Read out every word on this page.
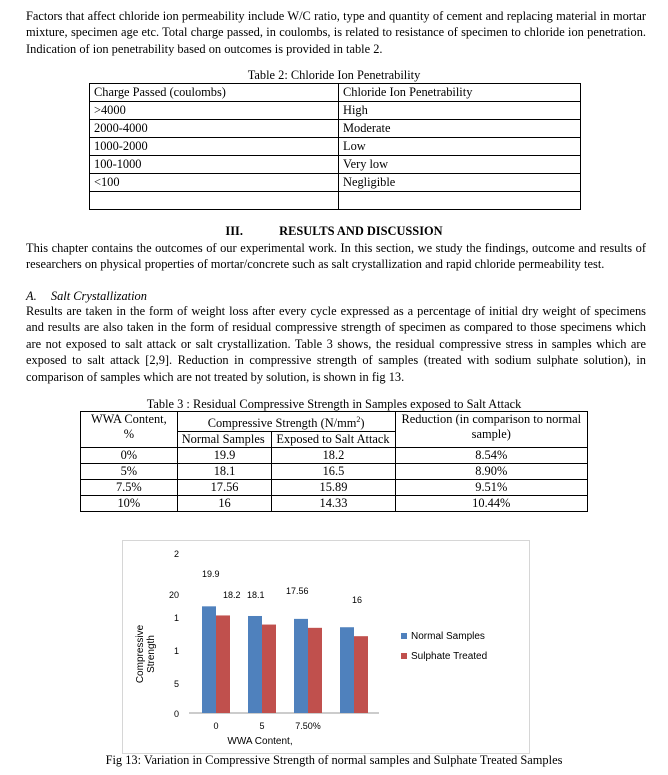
Factors that affect chloride ion permeability include W/C ratio, type and quantity of cement and replacing material in mortar mixture, specimen age etc. Total charge passed, in coulombs, is related to resistance of specimen to chloride ion penetration. Indication of ion penetrability based on outcomes is provided in table 2.

Table 2: Chloride Ion Penetrability
Charge Passed (coulombs)	Chloride Ion Penetrability
>4000	High
2000-4000	Moderate
1000-2000	Low
100-1000	Very low
<100	Negligible

III.	RESULTS AND DISCUSSION

This chapter contains the outcomes of our experimental work. In this section, we study the findings, outcome and results of researchers on physical properties of mortar/concrete such as salt crystallization and rapid chloride permeability test.

A. Salt Crystallization

Results are taken in the form of weight loss after every cycle expressed as a percentage of initial dry weight of specimens and results are also taken in the form of residual compressive strength of specimen as compared to those specimens which are not exposed to salt attack or salt crystallization. Table 3 shows, the residual compressive stress in samples which are exposed to salt attack [2,9]. Reduction in compressive strength of samples (treated with sodium sulphate solution), in comparison of samples which are not treated by solution, is shown in fig 13.

Table 3 : Residual Compressive Strength in Samples exposed to Salt Attack
WWA Content, %	Compressive Strength $(N/mm^2)$		Reduction (in comparison to normal sample)
	Normal Samples	Exposed to Salt Attack	
0%	19.9	18.2	8.54%
5%	18.1	16.5	8.90%
7.5%	17.56	15.89	9.51%
10%	16	14.33	10.44%
0
5
1
1
20
2
19.9
18.2 18.1 17.56
16
0	5	7.50%
WWA Content,
CompressiveStrength	Normal Samples
Sulphate Treated
Fig 13: Variation in Compressive Strength of normal samples and Sulphate Treated Samples
